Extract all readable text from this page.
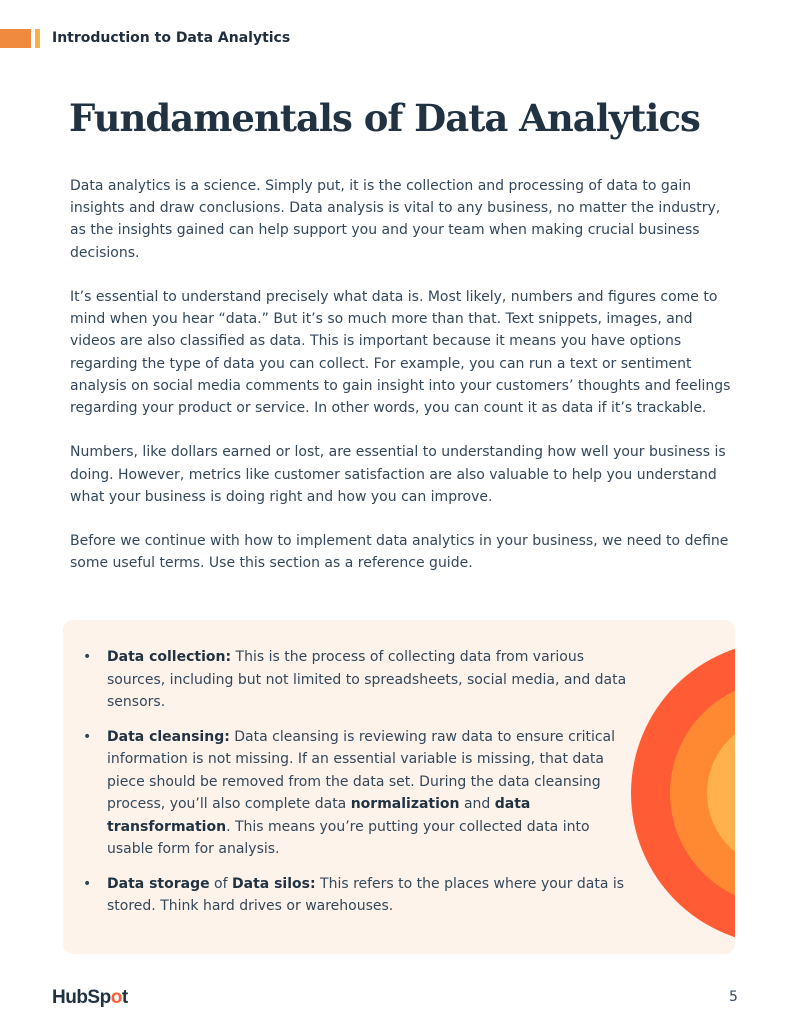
Introduction to Data Analytics
Fundamentals of Data Analytics

Data analytics is a science. Simply put, it is the collection and processing of data to gain insights and draw conclusions. Data analysis is vital to any business, no matter the industry, as the insights gained can help support you and your team when making crucial business decisions.

It’s essential to understand precisely what data is. Most likely, numbers and figures come to mind when you hear “data.” But it’s so much more than that. Text snippets, images, and videos are also classified as data. This is important because it means you have options regarding the type of data you can collect. For example, you can run a text or sentiment analysis on social media comments to gain insight into your customers’ thoughts and feelings regarding your product or service. In other words, you can count it as data if it’s trackable.

Numbers, like dollars earned or lost, are essential to understanding how well your business is doing. However, metrics like customer satisfaction are also valuable to help you understand what your business is doing right and how you can improve.

Before we continue with how to implement data analytics in your business, we need to define some useful terms. Use this section as a reference guide.

• Data collection: This is the process of collecting data from various sources, including but not limited to spreadsheets, social media, and data sensors.
• Data cleansing: Data cleansing is reviewing raw data to ensure critical information is not missing. If an essential variable is missing, that data piece should be removed from the data set. During the data cleansing process, you’ll also complete data normalization and data transformation. This means you’re putting your collected data into usable form for analysis.
• Data storage of Data silos: This refers to the places where your data is stored. Think hard drives or warehouses.
HubSpot	5
